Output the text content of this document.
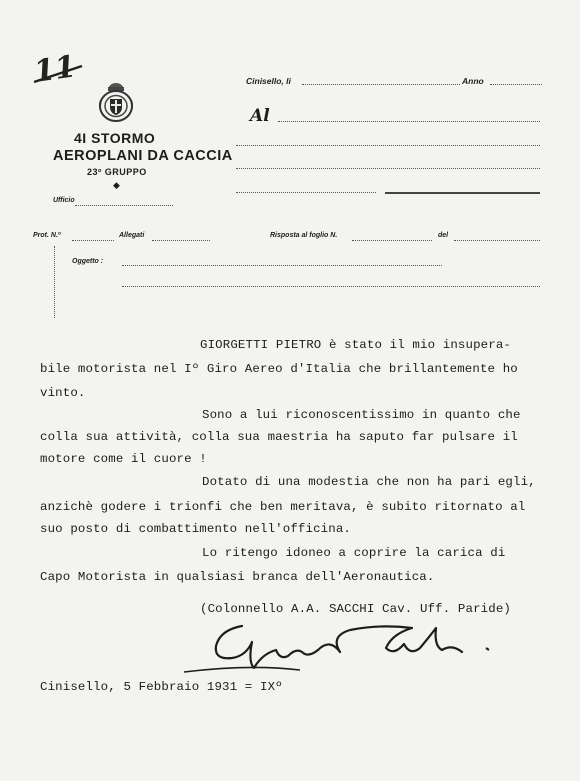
11
4I STORMO
AEROPLANI DA CACCIA
23º GRUPPO
◆
Ufficio
Cinisello, li	Anno
Al
Prot. N.º	Allegati	Risposta al foglio N.	del
Oggetto :
GIORGETTI PIETRO è stato il mio insupera-
bile motorista nel Iº Giro Aereo d'Italia che brillantemente ho
vinto.
Sono a lui riconoscentissimo in quanto che
colla sua attività, colla sua maestria ha saputo far pulsare il
motore come il cuore !
Dotato di una modestia che non ha pari egli,
anzichè godere i trionfi che ben meritava, è subito ritornato al
suo posto di combattimento nell'officina.
Lo ritengo idoneo a coprire la carica di
Capo Motorista in qualsiasi branca dell'Aeronautica.
(Colonnello A.A. SACCHI Cav. Uff. Paride)
Cinisello, 5 Febbraio 1931 = IXº
